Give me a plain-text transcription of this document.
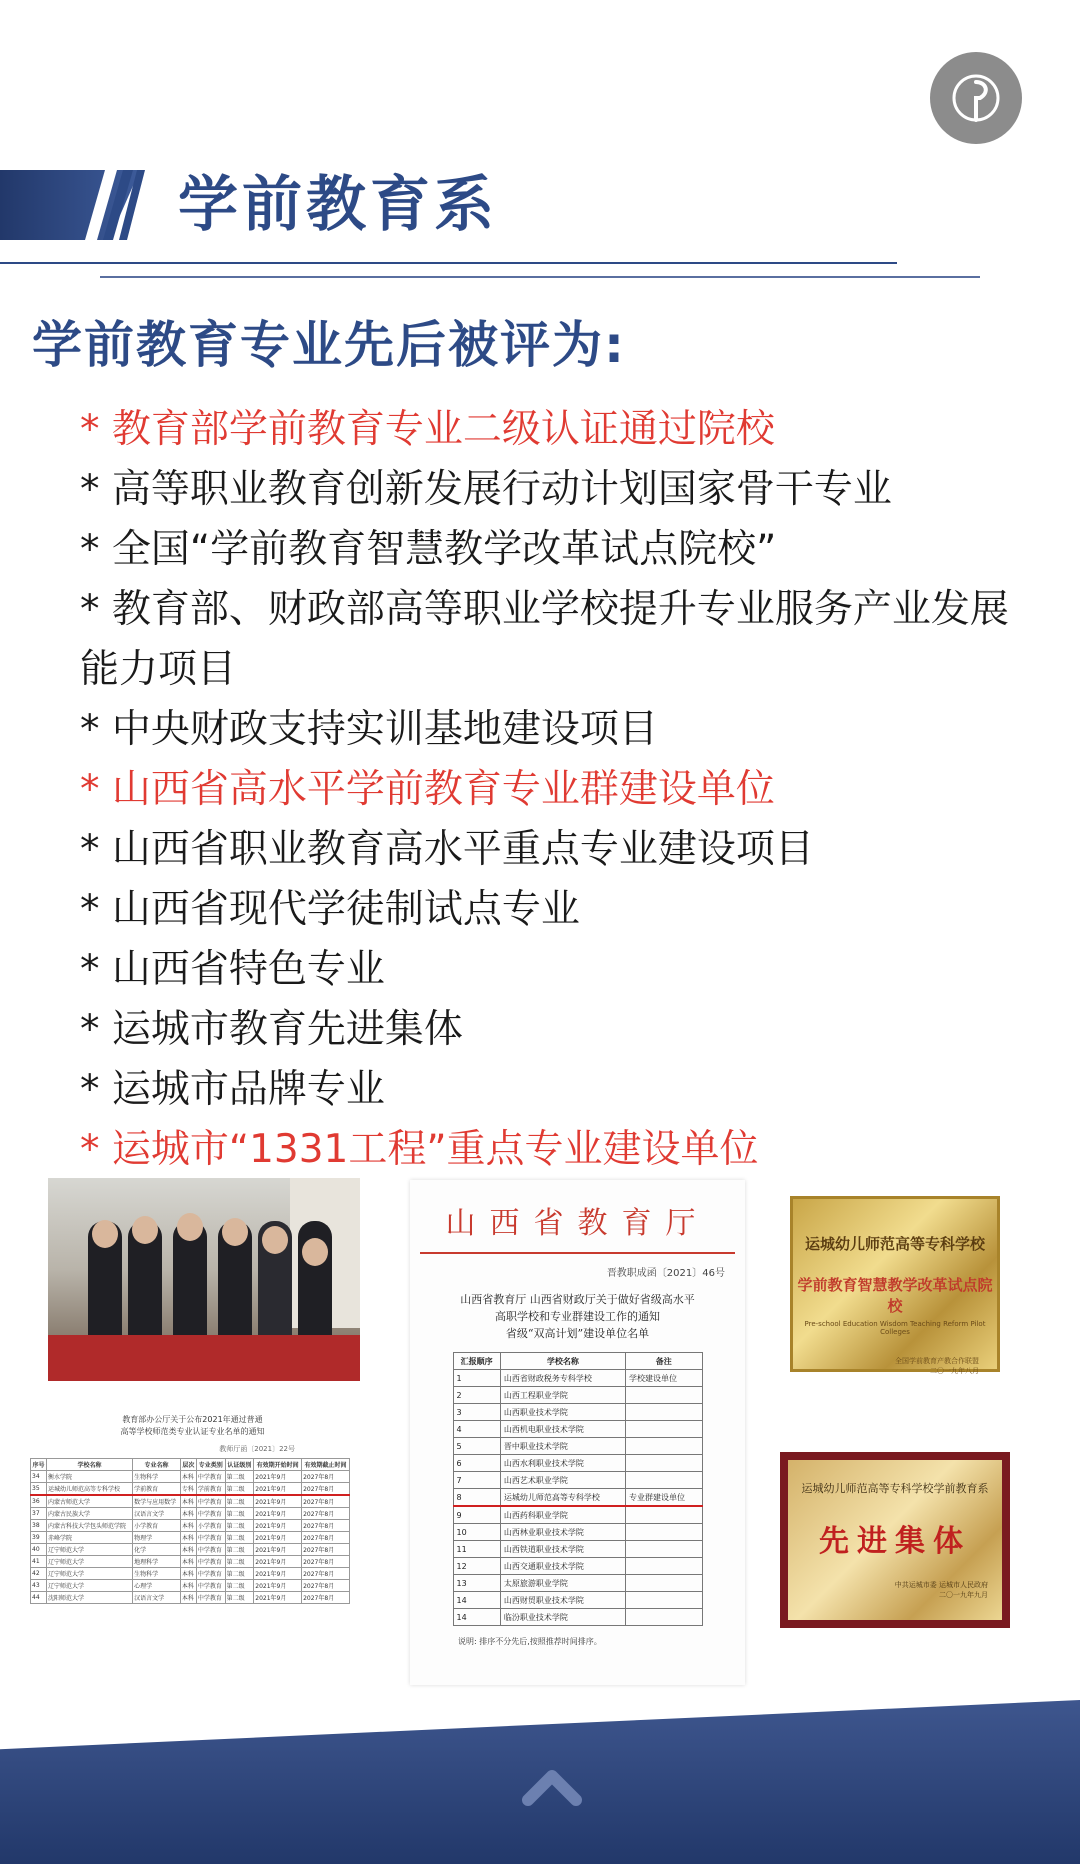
学前教育系
学前教育专业先后被评为:
* 教育部学前教育专业二级认证通过院校
* 高等职业教育创新发展行动计划国家骨干专业
* 全国“学前教育智慧教学改革试点院校”
* 教育部、财政部高等职业学校提升专业服务产业发展
能力项目
* 中央财政支持实训基地建设项目
* 山西省高水平学前教育专业群建设单位
* 山西省职业教育高水平重点专业建设项目
* 山西省现代学徒制试点专业
* 山西省特色专业
* 运城市教育先进集体
* 运城市品牌专业
* 运城市“1331工程”重点专业建设单位
山西省教育厅
晋教职成函〔2021〕46号
山西省教育厅 山西省财政厅关于做好省级高水平
高职学校和专业群建设工作的通知
省级“双高计划”建设单位名单
汇报顺序	学校名称	备注
1	山西省财政税务专科学校	学校建设单位
2	山西工程职业学院	
3	山西职业技术学院	
4	山西机电职业技术学院	
5	晋中职业技术学院	
6	山西水利职业技术学院	
7	山西艺术职业学院	
8	运城幼儿师范高等专科学校	专业群建设单位
9	山西药科职业学院	
10	山西林业职业技术学院	
11	山西铁道职业技术学院	
12	山西交通职业技术学院	
13	太原旅游职业学院	
14	山西财贸职业技术学院	
14	临汾职业技术学院	
说明: 排序不分先后,按照推荐时间排序。
教育部办公厅关于公布2021年通过普通
高等学校师范类专业认证专业名单的通知
教师厅函〔2021〕22号
序号	学校名称	专业名称	层次	专业类别	认证级别	有效期开始时间	有效期截止时间
34	衡水学院	生物科学	本科	中学教育	第二级	2021年9月	2027年8月
35	运城幼儿师范高等专科学校	学前教育	专科	学前教育	第二级	2021年9月	2027年8月
36	内蒙古师范大学	数学与应用数学	本科	中学教育	第二级	2021年9月	2027年8月
37	内蒙古民族大学	汉语言文学	本科	中学教育	第二级	2021年9月	2027年8月
38	内蒙古科技大学包头师范学院	小学教育	本科	小学教育	第二级	2021年9月	2027年8月
39	赤峰学院	物理学	本科	中学教育	第二级	2021年9月	2027年8月
40	辽宁师范大学	化学	本科	中学教育	第二级	2021年9月	2027年8月
41	辽宁师范大学	地理科学	本科	中学教育	第二级	2021年9月	2027年8月
42	辽宁师范大学	生物科学	本科	中学教育	第二级	2021年9月	2027年8月
43	辽宁师范大学	心理学	本科	中学教育	第二级	2021年9月	2027年8月
44	沈阳师范大学	汉语言文学	本科	中学教育	第二级	2021年9月	2027年8月
运城幼儿师范高等专科学校
学前教育智慧教学改革试点院校
Pre-school Education Wisdom Teaching Reform Pilot Colleges
全国学前教育产教合作联盟
二〇一九年八月
运城幼儿师范高等专科学校学前教育系
先进集体
中共运城市委 运城市人民政府
二〇一九年九月
